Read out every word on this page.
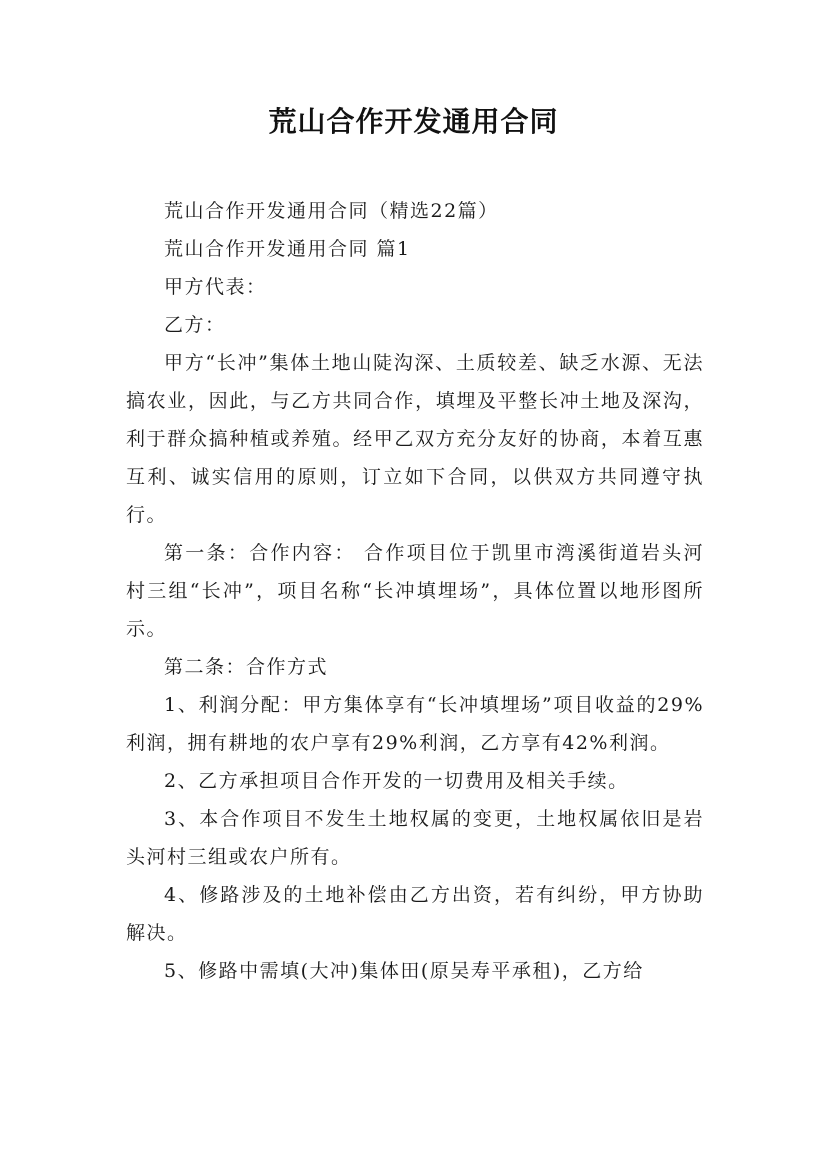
荒山合作开发通用合同

荒山合作开发通用合同（精选22篇）

荒山合作开发通用合同 篇1

甲方代表：

乙方：

甲方“长冲”集体土地山陡沟深、土质较差、缺乏水源、无法搞农业，因此，与乙方共同合作，填埋及平整长冲土地及深沟，利于群众搞种植或养殖。经甲乙双方充分友好的协商，本着互惠互利、诚实信用的原则，订立如下合同，以供双方共同遵守执行。

第一条：合作内容： 合作项目位于凯里市湾溪街道岩头河村三组“长冲”，项目名称“长冲填埋场”，具体位置以地形图所示。

第二条：合作方式

1、利润分配：甲方集体享有“长冲填埋场”项目收益的29%利润，拥有耕地的农户享有29%利润，乙方享有42%利润。

2、乙方承担项目合作开发的一切费用及相关手续。

3、本合作项目不发生土地权属的变更，土地权属依旧是岩头河村三组或农户所有。

4、修路涉及的土地补偿由乙方出资，若有纠纷，甲方协助解决。

5、修路中需填(大冲)集体田(原吴寿平承租)，乙方给
